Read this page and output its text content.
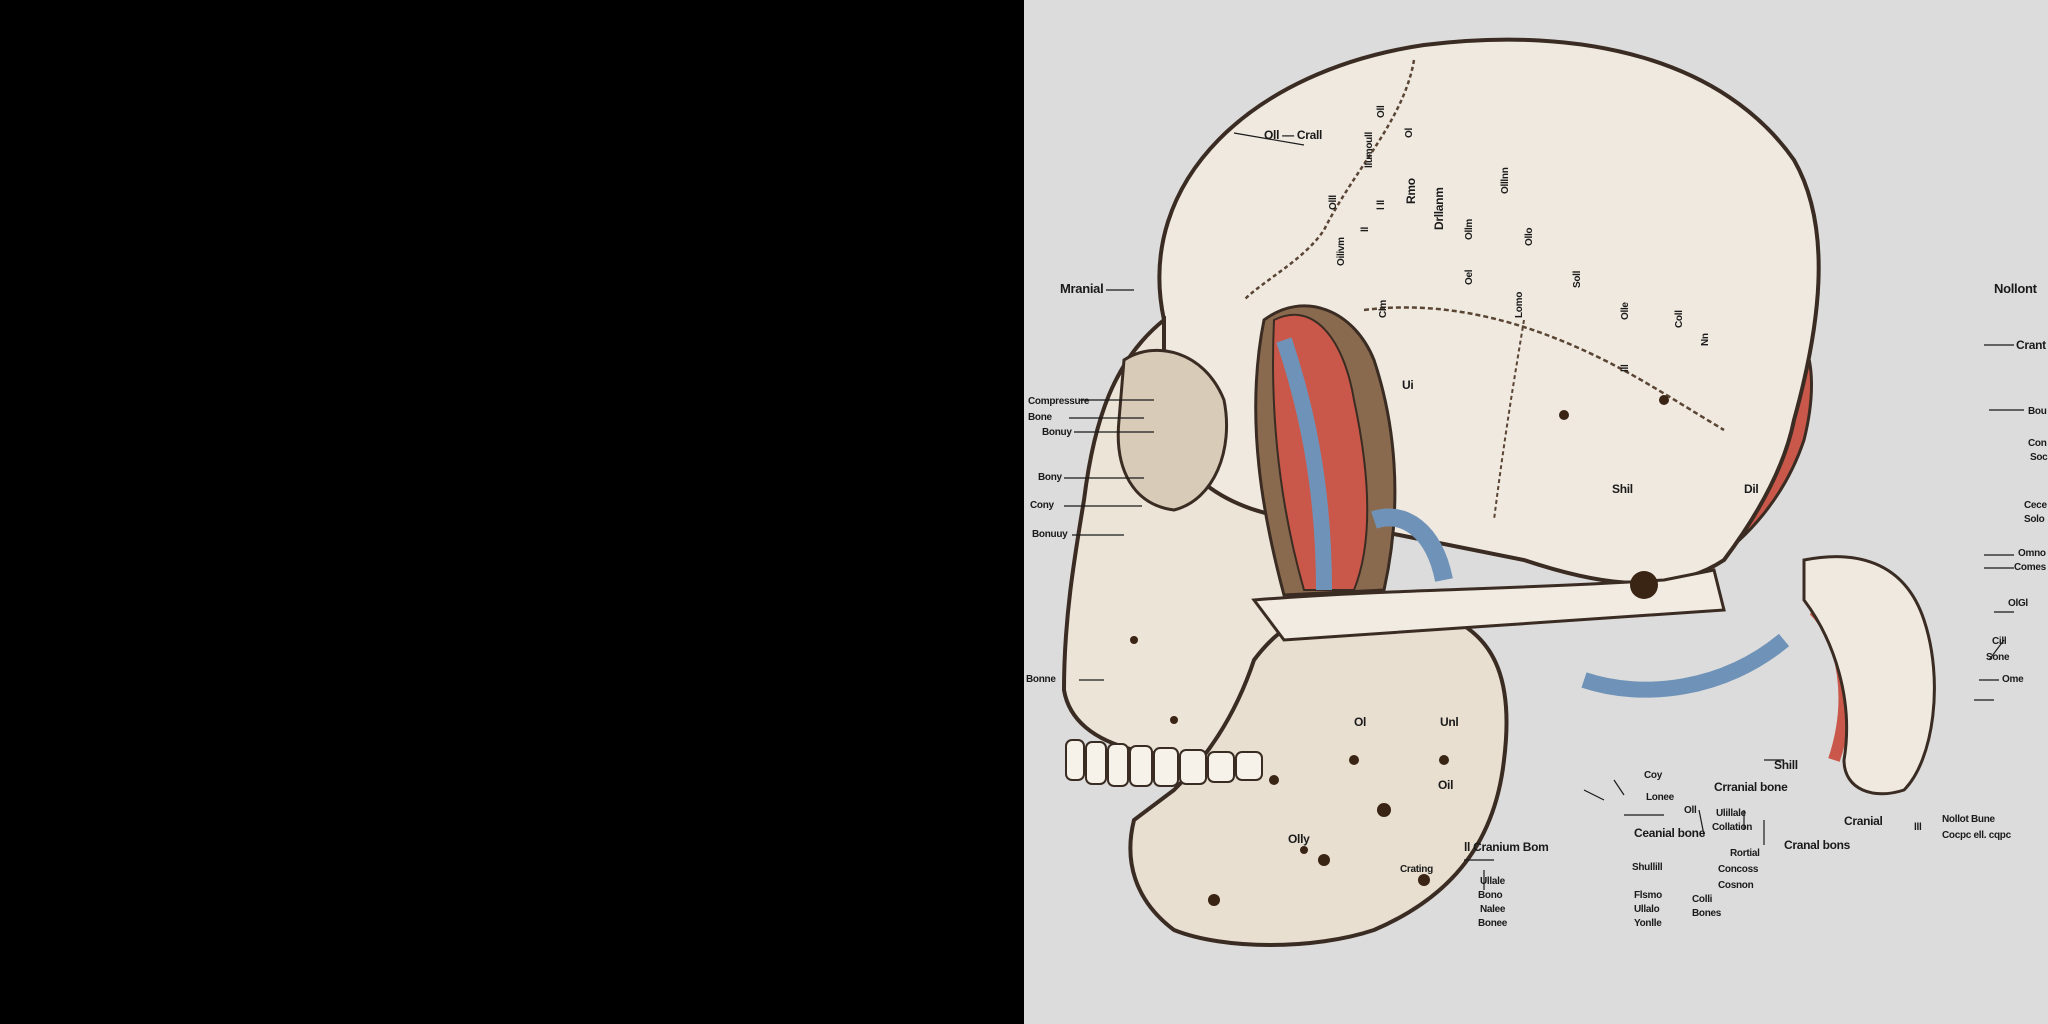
Mranial
Oll — Crall
Compressure
Bone
Bonuy
Bony
Cony
Bonuuy
Bonne
Nollont
Crant
Bou
Con
Soc
Cece
Solo
Omno
Comes
OlGl
Cill
Sone
Ome
Shil	Dil
Ol	Unl
Oil
Olly
Ui
Coy
Lonee
Oll
Crranial bone
Ulillale
Collation
Ceanial bone
Rortial
Concoss
Cosnon
Shullill
Shill
ll Cranium Bom
Crating
Ullale
Bono
Nalee
Bonee
Flsmo
Ullalo
Yonlle
Colli
Bones
Cranial
Cranal bons
Nollot Bune
Cocpc ell. cqpc
lll
Oll
l ll
llumoull
ll
Oilivm
Olll	Rmo Drllanm
Olllnn
Ollm
Ol
Clm
Ollo
Soll
Oel
Lomo	Olle	Coll
Nn
lll
